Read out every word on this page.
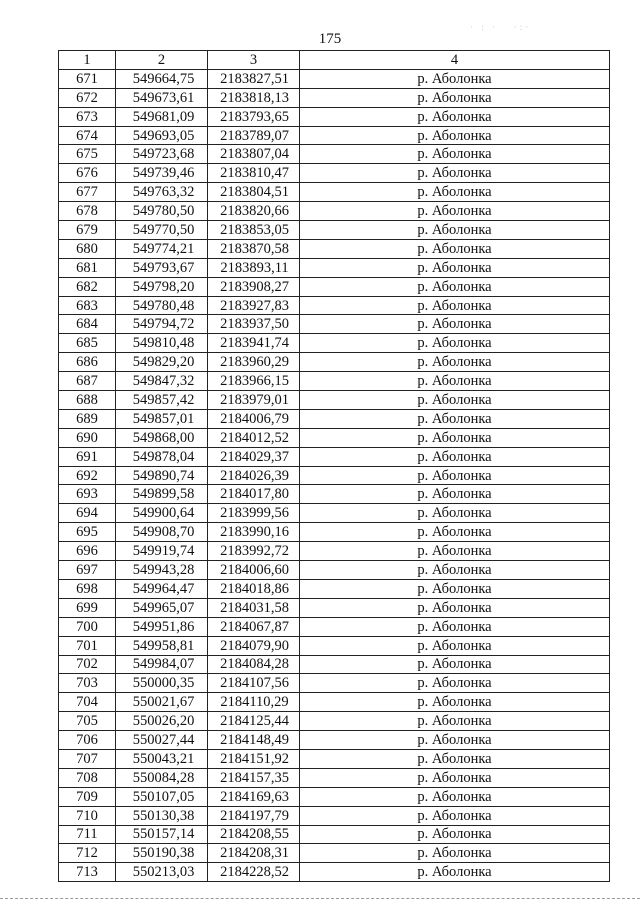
175
· : ·   ·:·
1	2	3	4
671	549664,75	2183827,51	р. Аболонка
672	549673,61	2183818,13	р. Аболонка
673	549681,09	2183793,65	р. Аболонка
674	549693,05	2183789,07	р. Аболонка
675	549723,68	2183807,04	р. Аболонка
676	549739,46	2183810,47	р. Аболонка
677	549763,32	2183804,51	р. Аболонка
678	549780,50	2183820,66	р. Аболонка
679	549770,50	2183853,05	р. Аболонка
680	549774,21	2183870,58	р. Аболонка
681	549793,67	2183893,11	р. Аболонка
682	549798,20	2183908,27	р. Аболонка
683	549780,48	2183927,83	р. Аболонка
684	549794,72	2183937,50	р. Аболонка
685	549810,48	2183941,74	р. Аболонка
686	549829,20	2183960,29	р. Аболонка
687	549847,32	2183966,15	р. Аболонка
688	549857,42	2183979,01	р. Аболонка
689	549857,01	2184006,79	р. Аболонка
690	549868,00	2184012,52	р. Аболонка
691	549878,04	2184029,37	р. Аболонка
692	549890,74	2184026,39	р. Аболонка
693	549899,58	2184017,80	р. Аболонка
694	549900,64	2183999,56	р. Аболонка
695	549908,70	2183990,16	р. Аболонка
696	549919,74	2183992,72	р. Аболонка
697	549943,28	2184006,60	р. Аболонка
698	549964,47	2184018,86	р. Аболонка
699	549965,07	2184031,58	р. Аболонка
700	549951,86	2184067,87	р. Аболонка
701	549958,81	2184079,90	р. Аболонка
702	549984,07	2184084,28	р. Аболонка
703	550000,35	2184107,56	р. Аболонка
704	550021,67	2184110,29	р. Аболонка
705	550026,20	2184125,44	р. Аболонка
706	550027,44	2184148,49	р. Аболонка
707	550043,21	2184151,92	р. Аболонка
708	550084,28	2184157,35	р. Аболонка
709	550107,05	2184169,63	р. Аболонка
710	550130,38	2184197,79	р. Аболонка
711	550157,14	2184208,55	р. Аболонка
712	550190,38	2184208,31	р. Аболонка
713	550213,03	2184228,52	р. Аболонка
